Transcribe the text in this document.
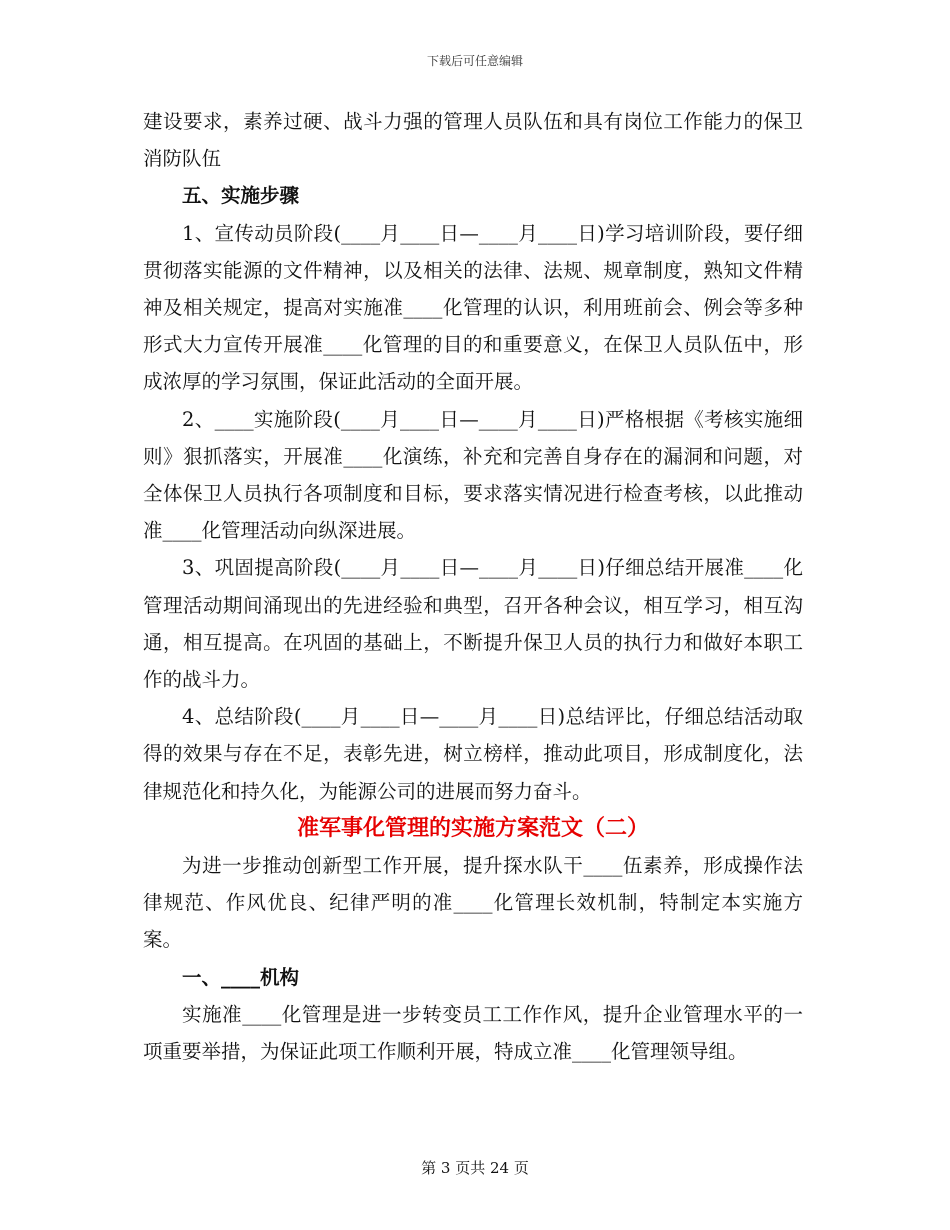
下载后可任意编辑

建设要求，素养过硬、战斗力强的管理人员队伍和具有岗位工作能力的保卫消防队伍

五、实施步骤

1、宣传动员阶段(____月____日—____月____日)学习培训阶段，要仔细贯彻落实能源的文件精神，以及相关的法律、法规、规章制度，熟知文件精神及相关规定，提高对实施准____化管理的认识，利用班前会、例会等多种形式大力宣传开展准____化管理的目的和重要意义，在保卫人员队伍中，形成浓厚的学习氛围，保证此活动的全面开展。

2、____实施阶段(____月____日—____月____日)严格根据《考核实施细则》狠抓落实，开展准____化演练，补充和完善自身存在的漏洞和问题，对全体保卫人员执行各项制度和目标，要求落实情况进行检查考核，以此推动准____化管理活动向纵深进展。

3、巩固提高阶段(____月____日—____月____日)仔细总结开展准____化管理活动期间涌现出的先进经验和典型，召开各种会议，相互学习，相互沟通，相互提高。在巩固的基础上，不断提升保卫人员的执行力和做好本职工作的战斗力。

4、总结阶段(____月____日—____月____日)总结评比，仔细总结活动取得的效果与存在不足，表彰先进，树立榜样，推动此项目，形成制度化，法律规范化和持久化，为能源公司的进展而努力奋斗。

准军事化管理的实施方案范文（二）

为进一步推动创新型工作开展，提升探水队干____伍素养，形成操作法律规范、作风优良、纪律严明的准____化管理长效机制，特制定本实施方案。

一、____机构

实施准____化管理是进一步转变员工工作作风，提升企业管理水平的一项重要举措，为保证此项工作顺利开展，特成立准____化管理领导组。

第 3 页共 24 页
